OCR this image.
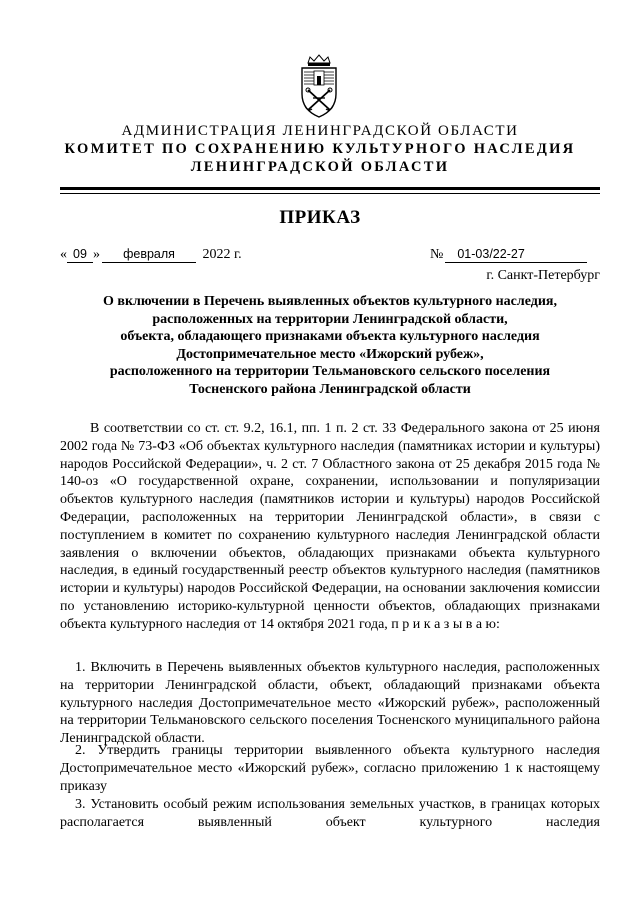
АДМИНИСТРАЦИЯ ЛЕНИНГРАДСКОЙ ОБЛАСТИ
КОМИТЕТ ПО СОХРАНЕНИЮ КУЛЬТУРНОГО НАСЛЕДИЯ
ЛЕНИНГРАДСКОЙ ОБЛАСТИ
ПРИКАЗ
« 09 » февраля 2022 г.	№ 01-03/22-27
г. Санкт-Петербург
О включении в Перечень выявленных объектов культурного наследия,
расположенных на территории Ленинградской области,
объекта, обладающего признаками объекта культурного наследия
Достопримечательное место «Ижорский рубеж»,
расположенного на территории Тельмановского сельского поселения
Тосненского района Ленинградской области
В соответствии со ст. ст. 9.2, 16.1, пп. 1 п. 2 ст. 33 Федерального закона от 25 июня 2002 года № 73-ФЗ «Об объектах культурного наследия (памятниках истории и культуры) народов Российской Федерации», ч. 2 ст. 7 Областного закона от 25 декабря 2015 года № 140-оз «О государственной охране, сохранении, использовании и популяризации объектов культурного наследия (памятников истории и культуры) народов Российской Федерации, расположенных на территории Ленинградской области», в связи с поступлением в комитет по сохранению культурного наследия Ленинградской области заявления о включении объектов, обладающих признаками объекта культурного наследия, в единый государственный реестр объектов культурного наследия (памятников истории и культуры) народов Российской Федерации, на основании заключения комиссии по установлению историко-культурной ценности объектов, обладающих признаками объекта культурного наследия от 14 октября 2021 года, п р и к а з ы в а ю:
1. Включить в Перечень выявленных объектов культурного наследия, расположенных на территории Ленинградской области, объект, обладающий признаками объекта культурного наследия Достопримечательное место «Ижорский рубеж», расположенный на территории Тельмановского сельского поселения Тосненского муниципального района Ленинградской области.
2. Утвердить границы территории выявленного объекта культурного наследия Достопримечательное место «Ижорский рубеж», согласно приложению 1 к настоящему приказу
3. Установить особый режим использования земельных участков, в границах которых располагается выявленный объект культурного наследия
